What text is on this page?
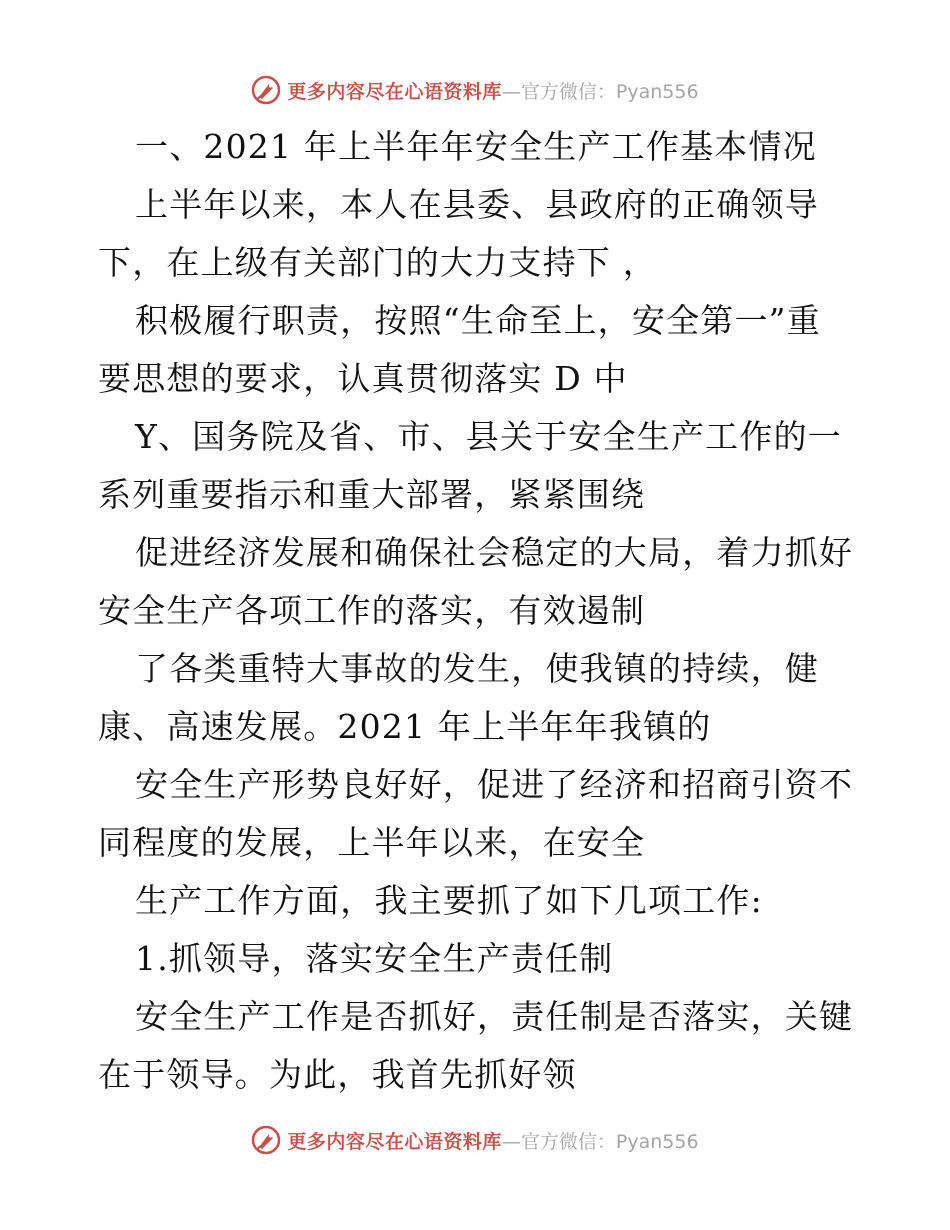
更多内容尽在心语资料库 —官方微信：Pyan556
一、2021 年上半年年安全生产工作基本情况
上半年以来，本人在县委、县政府的正确领导
下，在上级有关部门的大力支持下 ，
积极履行职责，按照“生命至上，安全第一”重
要思想的要求，认真贯彻落实 D 中
Y、国务院及省、市、县关于安全生产工作的一
系列重要指示和重大部署，紧紧围绕
促进经济发展和确保社会稳定的大局，着力抓好
安全生产各项工作的落实，有效遏制
了各类重特大事故的发生，使我镇的持续，健
康、高速发展。2021 年上半年年我镇的
安全生产形势良好好，促进了经济和招商引资不
同程度的发展，上半年以来，在安全
生产工作方面，我主要抓了如下几项工作:
1.抓领导，落实安全生产责任制
安全生产工作是否抓好，责任制是否落实，关键
在于领导。为此，我首先抓好领
更多内容尽在心语资料库 —官方微信：Pyan556
